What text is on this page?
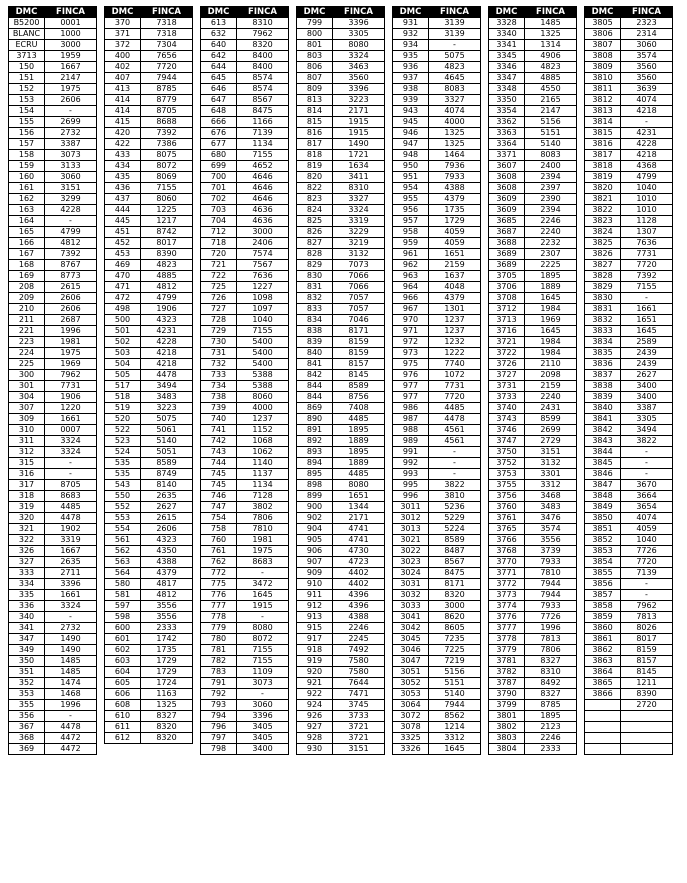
DMC	FINCA
B5200	0001
BLANC	1000
ECRU	3000
3713	1959
150	1667
151	2147
152	1975
153	2606
154	-
155	2699
156	2732
157	3387
158	3073
159	3133
160	3060
161	3151
162	3299
163	4228
164	-
165	4799
166	4812
167	7392
168	8767
169	8773
208	2615
209	2606
210	2606
211	2687
221	1996
223	1981
224	1975
225	1969
300	7962
301	7731
304	1906
307	1220
309	1661
310	0007
311	3324
312	3324
315	-
316	-
317	8705
318	8683
319	4485
320	4478
321	1902
322	3319
326	1667
327	2635
333	2711
334	3396
335	1661
336	3324
340	-
341	2732
347	1490
349	1490
350	1485
351	1485
352	1474
353	1468
355	1996
356	-
367	4478
368	4472
369	4472
DMC	FINCA
370	7318
371	7318
372	7304
400	7656
402	7720
407	7944
413	8785
414	8779
414	8705
415	8688
420	7392
422	7386
433	8075
434	8072
435	8069
436	7155
437	8060
444	1225
445	1217
451	8742
452	8017
453	8390
469	4823
470	4885
471	4812
472	4799
498	1906
500	4323
501	4231
502	4228
503	4218
504	4218
505	4478
517	3494
518	3483
519	3223
520	5075
522	5061
523	5140
524	5051
535	8589
535	8749
543	8140
550	2635
552	2627
553	2615
554	2606
561	4323
562	4350
563	4388
564	4379
580	4817
581	4812
597	3556
598	3556
600	2333
601	1742
602	1735
603	1729
604	1729
605	1724
606	1163
608	1325
610	8327
611	8320
612	8320
DMC	FINCA
613	8310
632	7962
640	8320
642	8400
644	8400
645	8574
646	8574
647	8567
648	8475
666	1166
676	7139
677	1134
680	7155
699	4652
700	4646
701	4646
702	4646
703	4636
704	4636
712	3000
718	2406
720	7574
721	7567
722	7636
725	1227
726	1098
727	1097
728	1040
729	7155
730	5400
731	5400
732	5400
733	5388
734	5388
738	8060
739	4000
740	1237
741	1152
742	1068
743	1062
744	1140
745	1137
745	1134
746	7128
747	3802
754	7806
758	7810
760	1981
761	1975
762	8683
772	-
775	3472
776	1645
777	1915
778	-
779	8080
780	8072
781	7155
782	7155
783	1109
791	3073
792	-
793	3060
794	3396
796	3405
797	3405
798	3400
DMC	FINCA
799	3396
800	3305
801	8080
803	3324
806	3463
807	3560
809	3396
813	3223
814	2171
815	1915
816	1915
817	1490
818	1721
819	1634
820	3411
822	8310
823	3327
824	3324
825	3319
826	3229
827	3219
828	3132
829	7073
830	7066
831	7066
832	7057
833	7057
834	7046
838	8171
839	8159
840	8159
841	8157
842	8145
844	8589
844	8756
869	7408
890	4485
891	1895
892	1889
893	1895
894	1889
895	4485
898	8080
899	1651
900	1344
902	2171
904	4741
905	4741
906	4730
907	4723
909	4402
910	4402
911	4396
912	4396
913	4388
915	2246
917	2245
918	7492
919	7580
920	7580
921	7644
922	7471
924	3745
926	3733
927	3721
928	3721
930	3151
DMC	FINCA
931	3139
932	3139
934	-
935	5075
936	4823
937	4645
938	8083
939	3327
943	4074
945	4000
946	1325
947	1325
948	1464
950	7936
951	7933
954	4388
955	4379
956	1735
957	1729
958	4059
959	4059
961	1651
962	2159
963	1637
964	4048
966	4379
967	1301
970	1237
971	1237
972	1232
973	1222
975	7740
976	1072
977	7731
977	7720
986	4485
987	4478
988	4561
989	4561
991	-
992	-
993	-
995	3822
996	3810
3011	5236
3012	5229
3013	5224
3021	8589
3022	8487
3023	8567
3024	8475
3031	8171
3032	8320
3033	3000
3041	8620
3042	8605
3045	7235
3046	7225
3047	7219
3051	5156
3052	5151
3053	5140
3064	7944
3072	8562
3078	1214
3325	3312
3326	1645
DMC	FINCA
3328	1485
3340	1325
3341	1314
3345	4906
3346	4823
3347	4885
3348	4550
3350	2165
3354	2147
3362	5156
3363	5151
3364	5140
3371	8083
3607	2400
3608	2394
3608	2397
3609	2390
3609	2394
3685	2246
3687	2240
3688	2232
3689	2307
3689	2225
3705	1895
3706	1889
3708	1645
3712	1984
3713	1969
3716	1645
3721	1984
3722	1984
3726	2110
3727	2098
3731	2159
3733	2240
3740	2431
3743	8599
3746	2699
3747	2729
3750	3151
3752	3132
3753	3301
3755	3312
3756	3468
3760	3483
3761	3476
3765	3574
3766	3556
3768	3739
3770	7933
3771	7810
3772	7944
3773	7944
3774	7933
3776	7726
3777	1996
3778	7813
3779	7806
3781	8327
3782	8310
3787	8492
3790	8327
3799	8785
3801	1895
3802	2123
3803	2246
3804	2333
DMC	FINCA
3805	2323
3806	2314
3807	3060
3808	3574
3809	3560
3810	3560
3811	3639
3812	4074
3813	4218
3814	-
3815	4231
3816	4228
3817	4218
3818	4368
3819	4799
3820	1040
3821	1010
3822	1010
3823	1128
3824	1307
3825	7636
3826	7731
3827	7720
3828	7392
3829	7155
3830	-
3831	1661
3832	1651
3833	1645
3834	2589
3835	2439
3836	2439
3837	2627
3838	3400
3839	3400
3840	3387
3841	3305
3842	3494
3843	3822
3844	-
3845	-
3846	-
3847	3670
3848	3664
3849	3654
3850	4074
3851	4059
3852	1040
3853	7726
3854	7720
3855	7139
3856	-
3857	-
3858	7962
3859	7813
3860	8026
3861	8017
3862	8159
3863	8157
3864	8145
3865	1211
3866	8390
	2720
